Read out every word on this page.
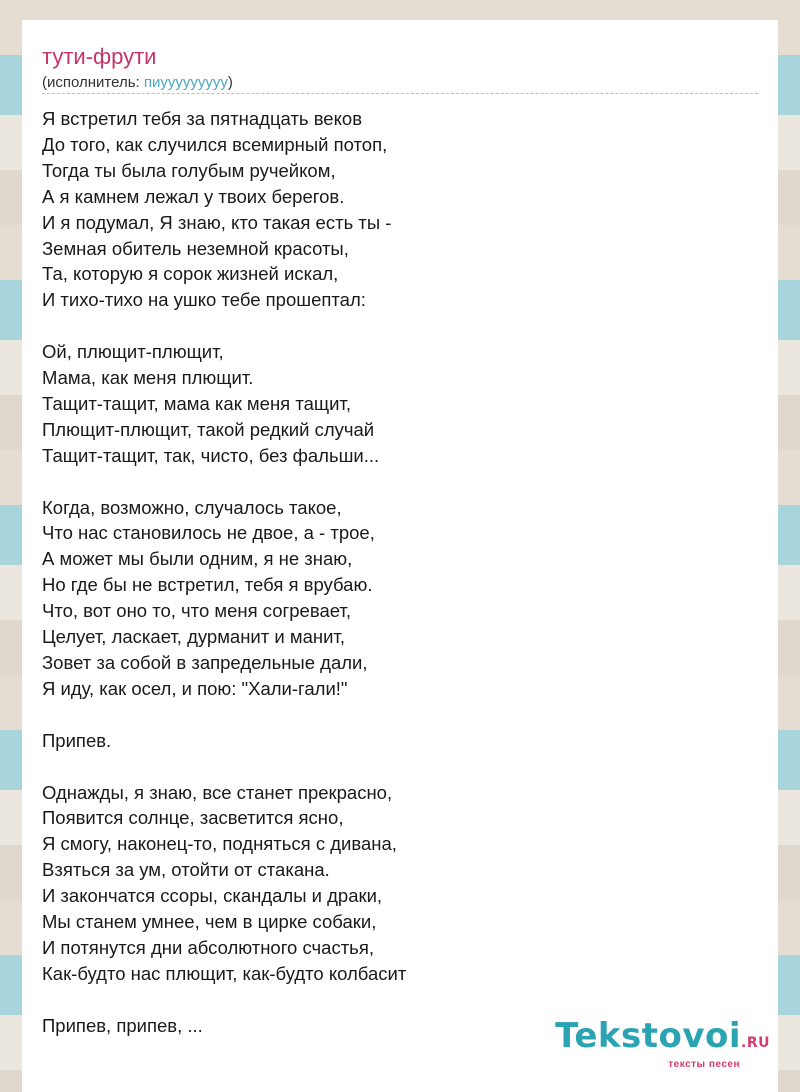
тути-фрути
(исполнитель: пиууууууууу)
Я встретил тебя за пятнадцать веков
До того, как случился всемирный потоп,
Тогда ты была голубым ручейком,
А я камнем лежал у твоих берегов.
И я подумал, Я знаю, кто такая есть ты -
Земная обитель неземной красоты,
Та, которую я сорок жизней искал,
И тихо-тихо на ушко тебе прошептал:
Ой, плющит-плющит,
Мама, как меня плющит.
Тащит-тащит, мама как меня тащит,
Плющит-плющит, такой редкий случай
Тащит-тащит, так, чисто, без фальши...
Когда, возможно, случалось такое,
Что нас становилось не двое, а - трое,
А может мы были одним, я не знаю,
Но где бы не встретил, тебя я врубаю.
Что, вот оно то, что меня согревает,
Целует, ласкает, дурманит и манит,
Зовет за собой в запредельные дали,
Я иду, как осел, и пою: "Хали-гали!"
Припев.
Однажды, я знаю, все станет прекрасно,
Появится солнце, засветится ясно,
Я смогу, наконец-то, подняться с дивана,
Взяться за ум, отойти от стакана.
И закончатся ссоры, скандалы и драки,
Мы станем умнее, чем в цирке собаки,
И потянутся дни абсолютного счастья,
Как-будто нас плющит, как-будто колбасит
Припев, припев, ...	Tekstovoi.RU
тексты песен
